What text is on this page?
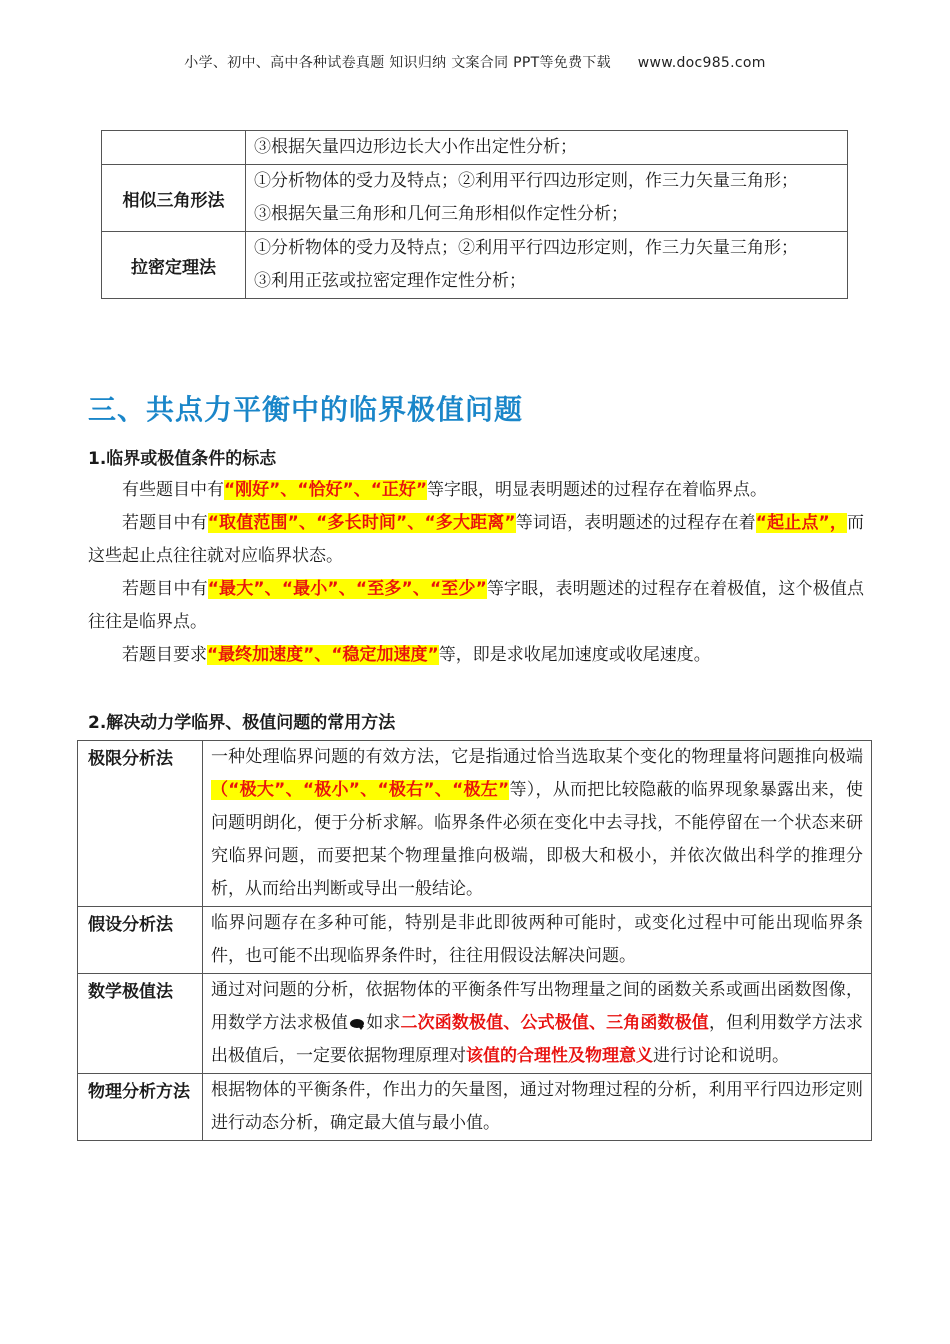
小学、初中、高中各种试卷真题 知识归纳 文案合同 PPT等免费下载 www.doc985.com

	③根据矢量四边形边长大小作出定性分析；

相似三角形法	①分析物体的受力及特点；②利用平行四边形定则，作三力矢量三角形；
③根据矢量三角形和几何三角形相似作定性分析；

拉密定理法	①分析物体的受力及特点；②利用平行四边形定则，作三力矢量三角形；
③利用正弦或拉密定理作定性分析；
三、共点力平衡中的临界极值问题
1.临界或极值条件的标志

有些题目中有“刚好”、“恰好”、“正好”等字眼，明显表明题述的过程存在着临界点。

若题目中有“取值范围”、“多长时间”、“多大距离”等词语，表明题述的过程存在着“起止点”，而这些起止点往往就对应临界状态。

若题目中有“最大”、“最小”、“至多”、“至少”等字眼，表明题述的过程存在着极值，这个极值点往往是临界点。

若题目要求“最终加速度”、“稳定加速度”等，即是求收尾加速度或收尾速度。

2.解决动力学临界、极值问题的常用方法
极限分析法	一种处理临界问题的有效方法，它是指通过恰当选取某个变化的物理量将问题推向极端（“极大”、“极小”、“极右”、“极左”等），从而把比较隐蔽的临界现象暴露出来，使问题明朗化，便于分析求解。临界条件必须在变化中去寻找，不能停留在一个状态来研究临界问题，而要把某个物理量推向极端，即极大和极小，并依次做出科学的推理分析，从而给出判断或导出一般结论。
假设分析法	临界问题存在多种可能，特别是非此即彼两种可能时，或变化过程中可能出现临界条件，也可能不出现临界条件时，往往用假设法解决问题。
数学极值法	通过对问题的分析，依据物体的平衡条件写出物理量之间的函数关系或画出函数图像，用数学方法求极值 如求二次函数极值、公式极值、三角函数极值，但利用数学方法求出极值后，一定要依据物理原理对该值的合理性及物理意义进行讨论和说明。
物理分析方法	根据物体的平衡条件，作出力的矢量图，通过对物理过程的分析，利用平行四边形定则进行动态分析，确定最大值与最小值。
